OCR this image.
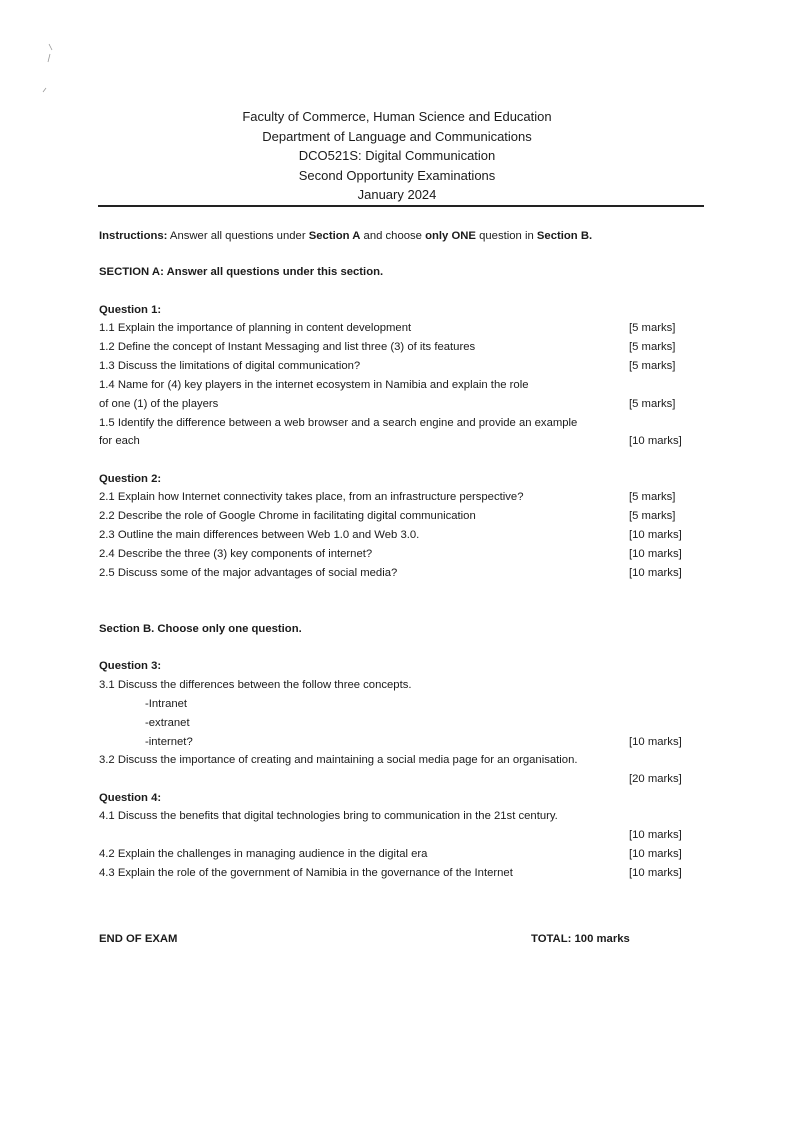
Faculty of Commerce, Human Science and Education
Department of Language and Communications
DCO521S: Digital Communication
Second Opportunity Examinations
January 2024
Instructions: Answer all questions under Section A and choose only ONE question in Section B.
SECTION A: Answer all questions under this section.
Question 1:
1.1 Explain the importance of planning in content development	[5 marks]
1.2 Define the concept of Instant Messaging and list three (3) of its features	[5 marks]
1.3 Discuss the limitations of digital communication?	[5 marks]
1.4 Name for (4) key players in the internet ecosystem in Namibia and explain the role
of one (1) of the players	[5 marks]
1.5 Identify the difference between a web browser and a search engine and provide an example
for each	[10 marks]
Question 2:
2.1 Explain how Internet connectivity takes place, from an infrastructure perspective?	[5 marks]
2.2 Describe the role of Google Chrome in facilitating digital communication	[5 marks]
2.3 Outline the main differences between Web 1.0 and Web 3.0.	[10 marks]
2.4 Describe the three (3) key components of internet?	[10 marks]
2.5 Discuss some of the major advantages of social media?	[10 marks]
Section B. Choose only one question.
Question 3:
3.1 Discuss the differences between the follow three concepts.
-Intranet
-extranet
-internet?	[10 marks]
3.2 Discuss the importance of creating and maintaining a social media page for an organisation.
[20 marks]
Question 4:
4.1 Discuss the benefits that digital technologies bring to communication in the 21st century.
[10 marks]
4.2 Explain the challenges in managing audience in the digital era	[10 marks]
4.3 Explain the role of the government of Namibia in the governance of the Internet	[10 marks]
END OF EXAM	TOTAL: 100 marks
